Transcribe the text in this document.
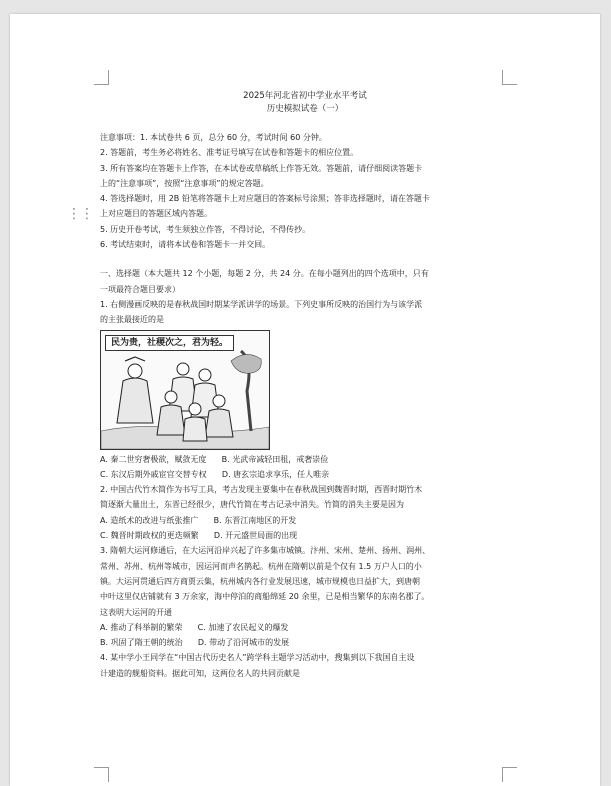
⋮⋮

2025年河北省初中学业水平考试

历史模拟试卷（一）

注意事项：1. 本试卷共 6 页，总分 60 分，考试时间 60 分钟。

2. 答题前，考生务必将姓名、准考证号填写在试卷和答题卡的相应位置。

3. 所有答案均在答题卡上作答，在本试卷或草稿纸上作答无效。答题前，请仔细阅读答题卡

上的“注意事项”，按照“注意事项”的规定答题。

4. 答选择题时，用 2B 铅笔将答题卡上对应题目的答案标号涂黑；答非选择题时，请在答题卡

上对应题目的答题区域内答题。

5. 历史开卷考试，考生须独立作答，不得讨论，不得传抄。

6. 考试结束时，请将本试卷和答题卡一并交回。

一、选择题（本大题共 12 个小题，每题 2 分，共 24 分。在每小题列出的四个选项中，只有

一项最符合题目要求）

1. 右侧漫画反映的是春秋战国时期某学派讲学的场景。下列史事所反映的治国行为与该学派

的主张最接近的是

民为贵，社稷次之，君为轻。

A. 秦二世穷奢极欲，赋敛无度      B. 光武帝减轻田租，戒奢崇俭

C. 东汉后期外戚宦官交替专权      D. 唐玄宗追求享乐，任人唯亲

2. 中国古代竹木简作为书写工具，考古发现主要集中在春秋战国到魏晋时期，西晋时期竹木

简逐渐大量出土，东晋已经很少，唐代竹简在考古记录中消失。竹简的消失主要是因为

A. 造纸术的改进与纸张推广      B. 东晋江南地区的开发

C. 魏晋时期政权的更迭频繁      D. 开元盛世局面的出现

3. 隋朝大运河修通后，在大运河沿岸兴起了许多集市城镇。汴州、宋州、楚州、扬州、润州、

常州、苏州、杭州等城市，因运河而声名鹊起。杭州在隋朝以前是个仅有 1.5 万户人口的小

镇。大运河贯通后四方商贾云集，杭州城内各行业发展迅速，城市规模也日益扩大，到唐朝

中叶这里仅店铺就有 3 万余家，海中停泊的商船绵延 20 余里，已是相当繁华的东南名郡了。

这表明大运河的开通

A. 推动了科举制的繁荣      C. 加速了农民起义的爆发

B. 巩固了隋王朝的统治      D. 带动了沿河城市的发展

4. 某中学小王同学在“中国古代历史名人”跨学科主题学习活动中，搜集到以下我国自主设

计建造的舰船资料。据此可知，这两位名人的共同贡献是
